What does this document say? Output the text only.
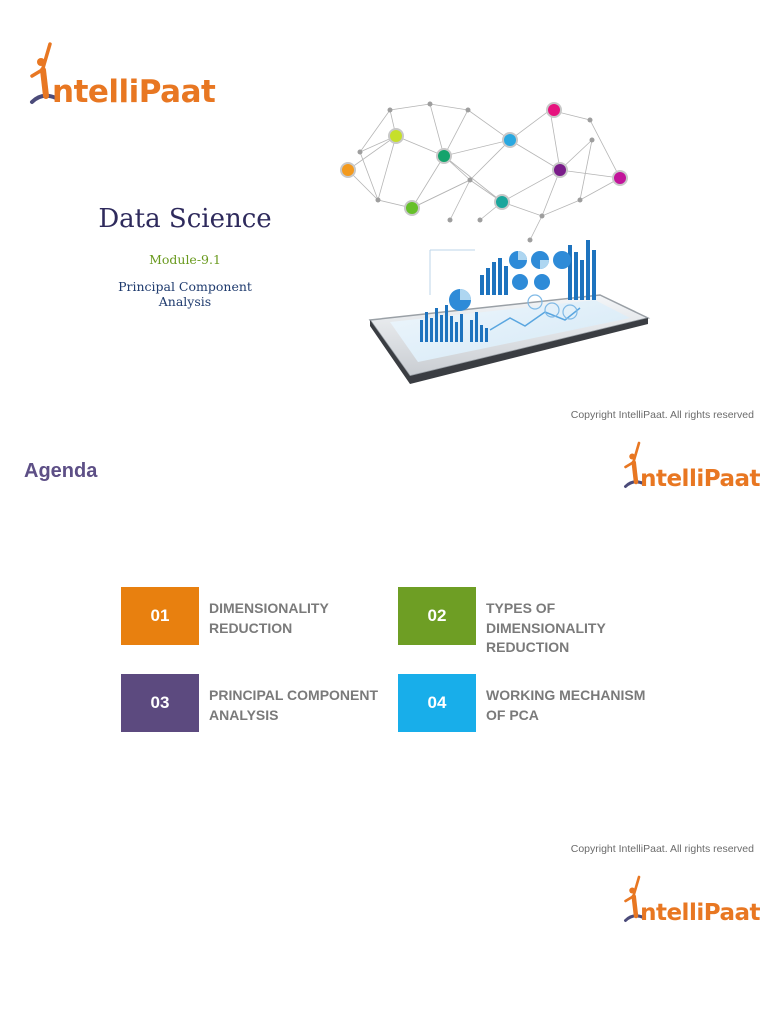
ntelliPaat
Data Science
Module-9.1
Principal Component Analysis
Copyright IntelliPaat. All rights reserved
Agenda	ntelliPaat
01	DIMENSIONALITY REDUCTION
02	TYPES OF DIMENSIONALITY REDUCTION
03	PRINCIPAL COMPONENT ANALYSIS
04	WORKING MECHANISM OF PCA
Copyright IntelliPaat. All rights reserved
ntelliPaat
